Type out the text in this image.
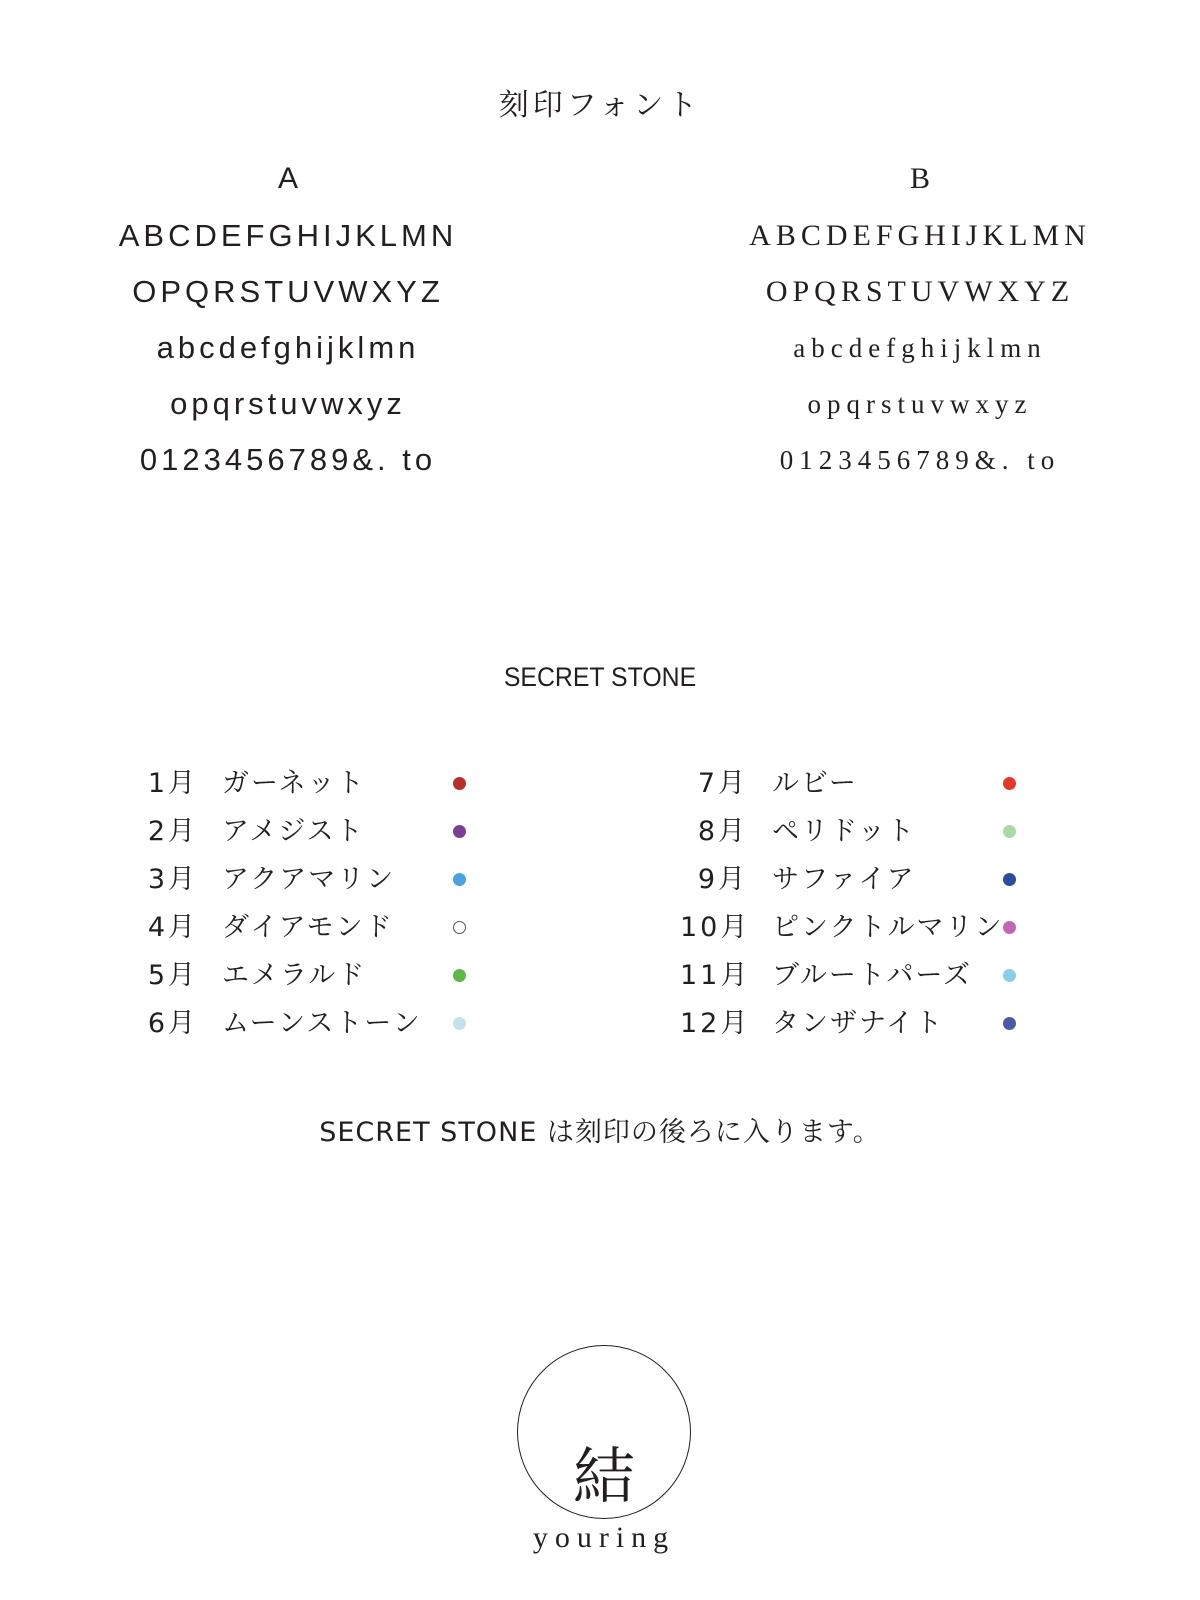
刻印フォント
A
ABCDEFGHIJKLMN
OPQRSTUVWXYZ
abcdefghijklmn
opqrstuvwxyz
0123456789&. to
B
ABCDEFGHIJKLMN
OPQRSTUVWXYZ
abcdefghijklmn
opqrstuvwxyz
0123456789&. to
SECRET STONE
1月 ガーネット
2月 アメジスト
3月 アクアマリン
4月 ダイアモンド
5月 エメラルド
6月 ムーンストーン
7月 ルビー
8月 ペリドット
9月 サファイア
10月 ピンクトルマリン
11月 ブルートパーズ
12月 タンザナイト
SECRET STONE は刻印の後ろに入ります。
結
youring
